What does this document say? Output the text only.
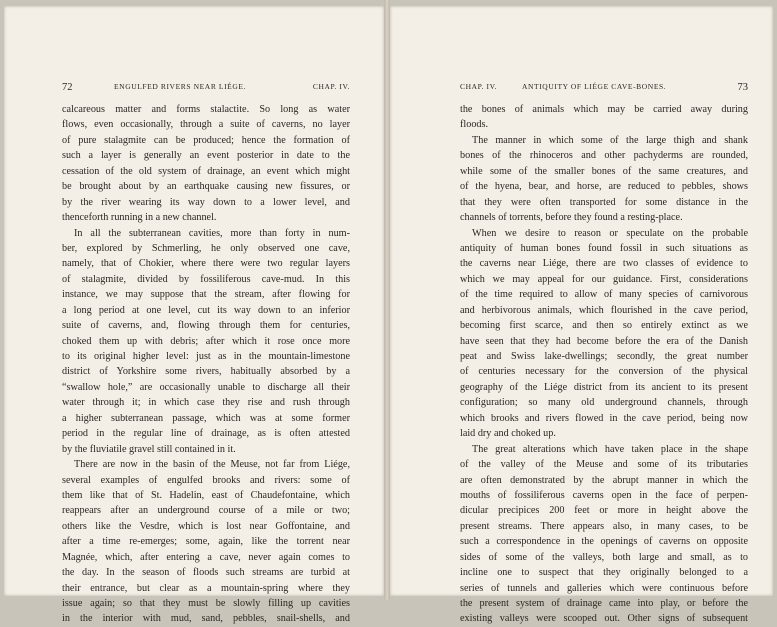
72	ENGULFED RIVERS NEAR LIÉGE.	CHAP. IV.
calcareous matter and forms stalactite. So long as water
flows, even occasionally, through a suite of caverns, no layer
of pure stalagmite can be produced; hence the formation of
such a layer is generally an event posterior in date to the
cessation of the old system of drainage, an event which might
be brought about by an earthquake causing new fissures, or
by the river wearing its way down to a lower level, and
thenceforth running in a new channel.
In all the subterranean cavities, more than forty in num-
ber, explored by Schmerling, he only observed one cave,
namely, that of Chokier, where there were two regular layers
of stalagmite, divided by fossiliferous cave-mud. In this
instance, we may suppose that the stream, after flowing for
a long period at one level, cut its way down to an inferior
suite of caverns, and, flowing through them for centuries,
choked them up with debris; after which it rose once more
to its original higher level: just as in the mountain-limestone
district of Yorkshire some rivers, habitually absorbed by a
“swallow hole,” are occasionally unable to discharge all their
water through it; in which case they rise and rush through
a higher subterranean passage, which was at some former
period in the regular line of drainage, as is often attested
by the fluviatile gravel still contained in it.
There are now in the basin of the Meuse, not far from Liége,
several examples of engulfed brooks and rivers: some of
them like that of St. Hadelin, east of Chaudefontaine, which
reappears after an underground course of a mile or two;
others like the Vesdre, which is lost near Goffontaine, and
after a time re-emerges; some, again, like the torrent near
Magnée, which, after entering a cave, never again comes to
the day. In the season of floods such streams are turbid at
their entrance, but clear as a mountain-spring where they
issue again; so that they must be slowly filling up cavities
in the interior with mud, sand, pebbles, snail-shells, and
CHAP. IV.	ANTIQUITY OF LIÉGE CAVE-BONES.	73
the bones of animals which may be carried away during
floods.
The manner in which some of the large thigh and shank
bones of the rhinoceros and other pachyderms are rounded,
while some of the smaller bones of the same creatures, and
of the hyena, bear, and horse, are reduced to pebbles, shows
that they were often transported for some distance in the
channels of torrents, before they found a resting-place.
When we desire to reason or speculate on the probable
antiquity of human bones found fossil in such situations as
the caverns near Liége, there are two classes of evidence to
which we may appeal for our guidance. First, considerations
of the time required to allow of many species of carnivorous
and herbivorous animals, which flourished in the cave period,
becoming first scarce, and then so entirely extinct as we
have seen that they had become before the era of the Danish
peat and Swiss lake-dwellings; secondly, the great number
of centuries necessary for the conversion of the physical
geography of the Liége district from its ancient to its present
configuration; so many old underground channels, through
which brooks and rivers flowed in the cave period, being now
laid dry and choked up.
The great alterations which have taken place in the shape
of the valley of the Meuse and some of its tributaries
are often demonstrated by the abrupt manner in which the
mouths of fossiliferous caverns open in the face of perpen-
dicular precipices 200 feet or more in height above the
present streams. There appears also, in many cases, to be
such a correspondence in the openings of caverns on opposite
sides of some of the valleys, both large and small, as to
incline one to suspect that they originally belonged to a
series of tunnels and galleries which were continuous before
the present system of drainage came into play, or before the
existing valleys were scooped out. Other signs of subsequent
